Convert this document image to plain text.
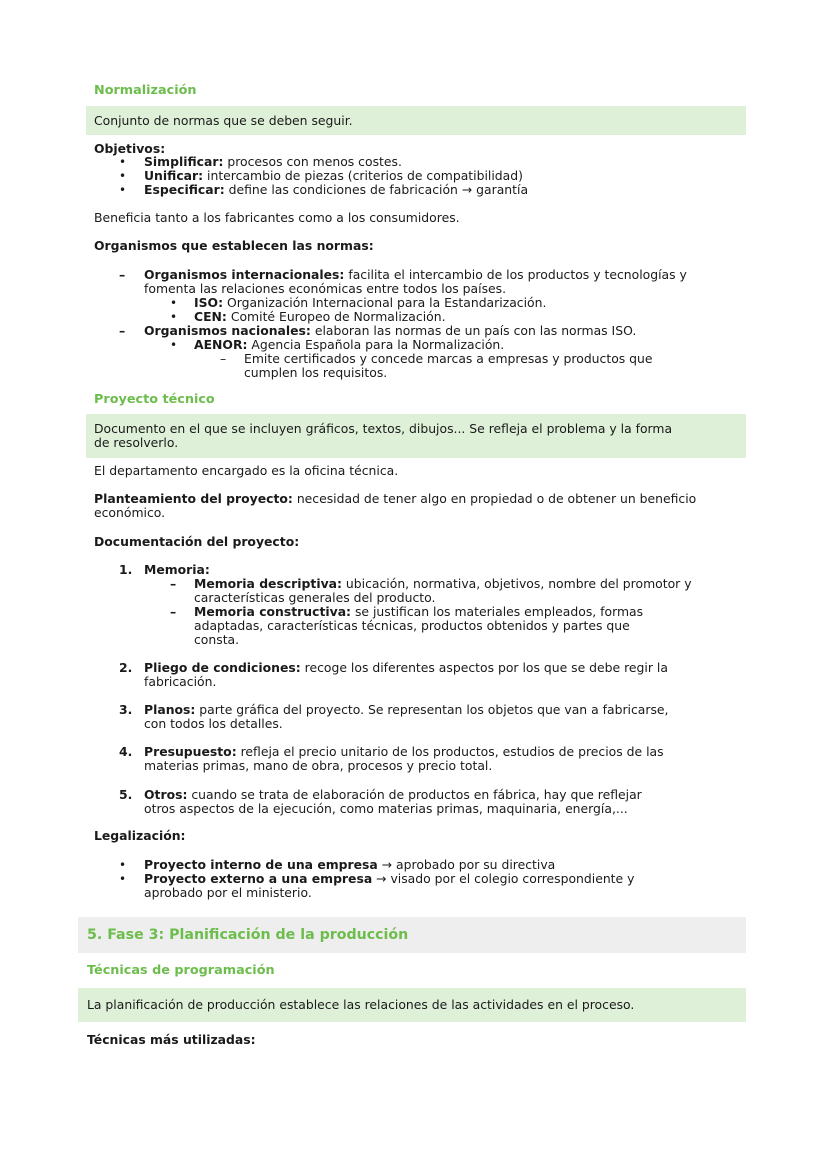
Normalización
Conjunto de normas que se deben seguir.
Objetivos:
• Simplificar: procesos con menos costes.
• Unificar: intercambio de piezas (criterios de compatibilidad)
• Especificar: define las condiciones de fabricación → garantía
Beneficia tanto a los fabricantes como a los consumidores.
Organismos que establecen las normas:
– Organismos internacionales: facilita el intercambio de los productos y tecnologías y
fomenta las relaciones económicas entre todos los países.
• ISO: Organización Internacional para la Estandarización.
• CEN: Comité Europeo de Normalización.
– Organismos nacionales: elaboran las normas de un país con las normas ISO.
• AENOR: Agencia Española para la Normalización.
– Emite certificados y concede marcas a empresas y productos que
cumplen los requisitos.
Proyecto técnico
Documento en el que se incluyen gráficos, textos, dibujos... Se refleja el problema y la forma
de resolverlo.
El departamento encargado es la oficina técnica.
Planteamiento del proyecto: necesidad de tener algo en propiedad o de obtener un beneficio
económico.
Documentación del proyecto:
1. Memoria:
– Memoria descriptiva: ubicación, normativa, objetivos, nombre del promotor y
características generales del producto.
– Memoria constructiva: se justifican los materiales empleados, formas
adaptadas, características técnicas, productos obtenidos y partes que
consta.
2. Pliego de condiciones: recoge los diferentes aspectos por los que se debe regir la
fabricación.
3. Planos: parte gráfica del proyecto. Se representan los objetos que van a fabricarse,
con todos los detalles.
4. Presupuesto: refleja el precio unitario de los productos, estudios de precios de las
materias primas, mano de obra, procesos y precio total.
5. Otros: cuando se trata de elaboración de productos en fábrica, hay que reflejar
otros aspectos de la ejecución, como materias primas, maquinaria, energía,...
Legalización:
• Proyecto interno de una empresa → aprobado por su directiva
• Proyecto externo a una empresa → visado por el colegio correspondiente y
aprobado por el ministerio.
5. Fase 3: Planificación de la producción
Técnicas de programación
La planificación de producción establece las relaciones de las actividades en el proceso.
Técnicas más utilizadas:
